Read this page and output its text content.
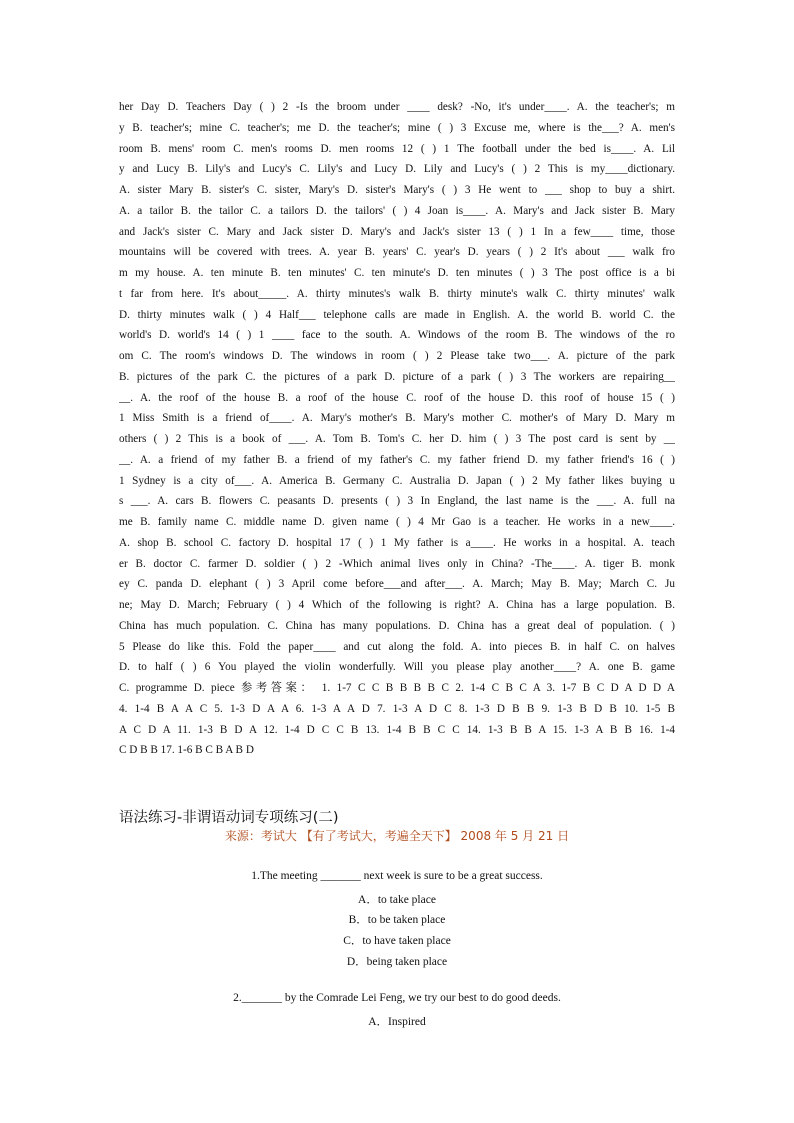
her Day D. Teachers Day ( ) 2 -Is the broom under ____ desk? -No, it's under____. A. the teacher's; m
y B. teacher's; mine C. teacher's; me D. the teacher's; mine ( ) 3 Excuse me, where is the___? A. men's
room B. mens' room C. men's rooms D. men rooms 12 ( ) 1 The football under the bed is____. A. Lil
y and Lucy B. Lily's and Lucy's C. Lily's and Lucy D. Lily and Lucy's ( ) 2 This is my____dictionary.
A. sister Mary B. sister's C. sister, Mary's D. sister's Mary's ( ) 3 He went to ___ shop to buy a shirt.
A. a tailor B. the tailor C. a tailors D. the tailors' ( ) 4 Joan is____. A. Mary's and Jack sister B. Mary
and Jack's sister C. Mary and Jack sister D. Mary's and Jack's sister 13 ( ) 1 In a few____ time, those
mountains will be covered with trees. A. year B. years' C. year's D. years ( ) 2 It's about ___ walk fro
m my house. A. ten minute B. ten minutes' C. ten minute's D. ten minutes ( ) 3 The post office is a bi
t far from here. It's about_____. A. thirty minutes's walk B. thirty minute's walk C. thirty minutes' walk
D. thirty minutes walk ( ) 4 Half___ telephone calls are made in English. A. the world B. world C. the
world's D. world's 14 ( ) 1 ____ face to the south. A. Windows of the room B. The windows of the ro
om C. The room's windows D. The windows in room ( ) 2 Please take two___. A. picture of the park
B. pictures of the park C. the pictures of a park D. picture of a park ( ) 3 The workers are repairing__
__. A. the roof of the house B. a roof of the house C. roof of the house D. this roof of house 15 ( )
1 Miss Smith is a friend of____. A. Mary's mother's B. Mary's mother C. mother's of Mary D. Mary m
others ( ) 2 This is a book of ___. A. Tom B. Tom's C. her D. him ( ) 3 The post card is sent by __
__. A. a friend of my father B. a friend of my father's C. my father friend D. my father friend's 16 ( )
1 Sydney is a city of___. A. America B. Germany C. Australia D. Japan ( ) 2 My father likes buying u
s ___. A. cars B. flowers C. peasants D. presents ( ) 3 In England, the last name is the ___. A. full na
me B. family name C. middle name D. given name ( ) 4 Mr Gao is a teacher. He works in a new____.
A. shop B. school C. factory D. hospital 17 ( ) 1 My father is a____. He works in a hospital. A. teach
er B. doctor C. farmer D. soldier ( ) 2 -Which animal lives only in China? -The____. A. tiger B. monk
ey C. panda D. elephant ( ) 3 April come before___and after___. A. March; May B. May; March C. Ju
ne; May D. March; February ( ) 4 Which of the following is right? A. China has a large population. B.
China has much population. C. China has many populations. D. China has a great deal of population. ( )
5 Please do like this. Fold the paper____ and cut along the fold. A. into pieces B. in half C. on halves
D. to half ( ) 6 You played the violin wonderfully. Will you please play another____? A. one B. game
C. programme D. piece 参考答案： 1. 1-7 C C B B B B C 2. 1-4 C B C A 3. 1-7 B C D A D D A
4. 1-4 B A A C 5. 1-3 D A A 6. 1-3 A A D 7. 1-3 A D C 8. 1-3 D B B 9. 1-3 B D B 10. 1-5 B
A C D A 11. 1-3 B D A 12. 1-4 D C C B 13. 1-4 B B C C 14. 1-3 B B A 15. 1-3 A B B 16. 1-4
C D B B 17. 1-6 B C B A B D
语法练习-非谓语动词专项练习(二)
来源：考试大 【有了考试大，考遍全天下】 2008 年 5 月 21 日
1.The meeting _______ next week is sure to be a great success.
A．to take place
B．to be taken place
C．to have taken place
D．being taken place
2._______ by the Comrade Lei Feng, we try our best to do good deeds.
A．Inspired
